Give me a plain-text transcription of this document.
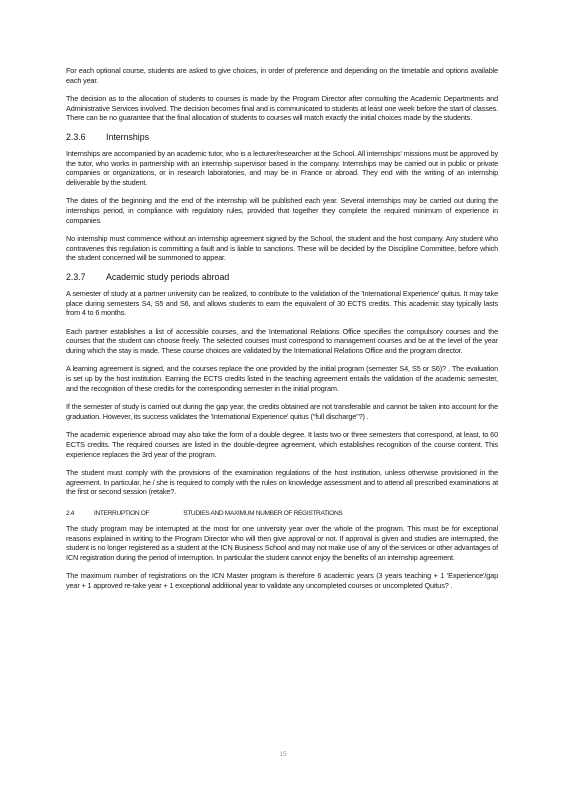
For each optional course, students are asked to give choices, in order of preference and depending on the timetable and options available each year.

The decision as to the allocation of students to courses is made by the Program Director after consulting the Academic Departments and Administrative Services involved. The decision becomes final and is communicated to students at least one week before the start of classes. There can be no guarantee that the final allocation of students to courses will match exactly the initial choices made by the students.

2.3.6 Internships

Internships are accompanied by an academic tutor, who is a lecturer/researcher at the School. All internships' missions must be approved by the tutor, who works in partnership with an internship supervisor based in the company. Internships may be carried out in public or private companies or organizations, or in research laboratories, and may be in France or abroad. They end with the writing of an internship deliverable by the student.

The dates of the beginning and the end of the internship will be published each year. Several internships may be carried out during the internships period, in compliance with regulatory rules, provided that together they complete the required minimum of experience in companies.

No internship must commence without an internship agreement signed by the School, the student and the host company. Any student who contravenes this regulation is committing a fault and is liable to sanctions. These will be decided by the Discipline Committee, before which the student concerned will be summoned to appear.

2.3.7 Academic study periods abroad

A semester of study at a partner university can be realized, to contribute to the validation of the 'International Experience' quitus. It may take place during semesters S4, S5 and S6, and allows students to earn the equivalent of 30 ECTS credits. This academic stay typically lasts from 4 to 6 months.

Each partner establishes a list of accessible courses, and the International Relations Office specifies the compulsory courses and the courses that the student can choose freely. The selected courses must correspond to management courses and be at the level of the year during which the stay is made. These course choices are validated by the International Relations Office and the program director.

A learning agreement is signed, and the courses replace the one provided by the initial program (semester S4, S5 or S6)? . The evaluation is set up by the host institution. Earning the ECTS credits listed in the teaching agreement entails the validation of the academic semester, and the recognition of these credits for the corresponding semester in the initial program.

If the semester of study is carried out during the gap year, the credits obtained are not transferable and cannot be taken into account for the graduation. However, its success validates the 'International Experience' quitus ("full discharge"?) .

The academic experience abroad may also take the form of a double degree. It lasts two or three semesters that correspond, at least, to 60 ECTS credits. The required courses are listed in the double-degree agreement, which establishes recognition of the course content. This experience replaces the 3rd year of the program.

The student must comply with the provisions of the examination regulations of the host institution, unless otherwise provisioned in the agreement. In particular, he / she is required to comply with the rules on knowledge assessment and to attend all prescribed examinations at the first or second session (retake?.

2.4	INTERRUPTION OF	STUDIES AND MAXIMUM NUMBER OF REGISTRATIONS

The study program may be interrupted at the most for one university year over the whole of the program. This must be for exceptional reasons explained in writing to the Program Director who will then give approval or not. If approval is given and studies are interrupted, the student is no longer registered as a student at the ICN Business School and may not make use of any of the services or other advantages of ICN registration during the period of interruption. In particular the student cannot enjoy the benefits of an internship agreement.

The maximum number of registrations on the ICN Master program is therefore 6 academic years (3 years teaching + 1 'Experience'/gap year + 1 approved re-take year + 1 exceptional additional year to validate any uncompleted courses or uncompleted Quitus? .

15
